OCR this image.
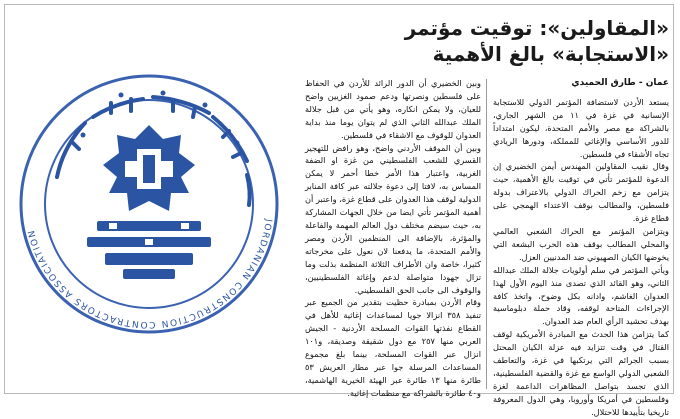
JORDANIAN CONSTRUCTION CONTRACTORS ASSOCIATION
«المقاولين»: توقيت مؤتمر «الاستجابة» بالغ الأهمية

عمان - طارق الحميدي

يستعد الأردن لاستضافة المؤتمر الدولي للاستجابة الإنسانية في غزة في ١١ من الشهر الجاري، بالشراكة مع مصر والأمم المتحدة، ليكون امتداداً للدور الأساسي والإغاثي للمملكة، ودورها الريادي تجاه الأشقاء في فلسطين.

وقال نقيب المقاولين المهندس أيمن الخضيري إن الدعوة للمؤتمر تأتي في توقيت بالغ الأهمية، حيث يتزامن مع زخم الحراك الدولي بالاعتراف بدولة فلسطين، والمطالب بوقف الاعتداء الهمجي على قطاع غزة.

ويتزامن المؤتمر مع الحراك الشعبي العالمي والمحلي المطالب بوقف هذه الحرب البشعة التي يخوضها الكيان الصهيوني ضد المدنيين العزل.

ويأتي المؤتمر في سلم أولويات جلالة الملك عبدالله الثاني، وهو القائد الذي تصدى منذ اليوم الأول لهذا العدوان الغاشم، وادانه بكل وضوح، واتخذ كافة الإجراءات المتاحة لوقفه، وقاد حملة دبلوماسية بهدف تحشيد الرأي العام ضد العدوان.

كما يتزامن هذا الحدث مع المبادرة الأمريكية لوقف القتال في وقت تتزايد فيه عزلة الكيان المحتل بسبب الجرائم التي يرتكبها في غزة، والتعاطف الشعبي الدولي الواسع مع غزة والقضية الفلسطينية، الذي تجسد بتواصل المظاهرات الداعمة لغزة وفلسطين في أمريكا وأوروبا، وهي الدول المعروفة تاريخيا بتأييدها للاحتلال.

وبين الخضيري أن الدور الرائد للأردن في الحفاظ على فلسطين ونصرتها ودعم صمود الغزيين واضح للعيان، ولا يمكن انكاره، وهو يأتي من قبل جلالة الملك عبدالله الثاني الذي لم يتوان يوما منذ بداية العدوان للوقوف مع الاشقاء في فلسطين.

وبين أن الموقف الأردني واضح، وهو رافض للتهجير القسري للشعب الفلسطيني من غزة او الضفة الغربية، واعتبار هذا الأمر خطا أحمر لا يمكن المساس به، لافتا إلى دعوة جلالته عبر كافة المنابر الدولية لوقف هذا العدوان على قطاع غزة، واعتبر أن أهمية المؤتمر تأتي ايضا من خلال الجهات المشاركة به، حيث سيضم مختلف دول العالم المهمة والفاعلة والمؤثرة، بالإضافة الى المنظمين الأردن ومصر والأمم المتحدة، ما يدفعنا لان نعول على مخرجاته كثيرا، خاصة وان الأطراف الثلاثة المنظمة بذلت وما تزال جهودا متواصلة لدعم وإغاثة الفلسطينيين، والوقوف الى جانب الحق الفلسطيني.

وقام الأردن بمبادرة حظيت بتقدير من الجميع عبر تنفيذ ٣٥٨ انزالا جويا لمساعدات إغاثية للأهل في القطاع نفذتها القوات المسلحة الأردنية - الجيش العربي منها ٢٥٧ مع دول شقيقة وصديقة، و١٠١ انزال عبر القوات المسلحة، بينما بلغ مجموع المساعدات المرسلة جوا عبر مطار العريش ٥٣ طائرة منها ١٣ طائرة عبر الهيئة الخيرية الهاشمية، و٤٠ طائرة بالشراكة مع منظمات إغاثية.
